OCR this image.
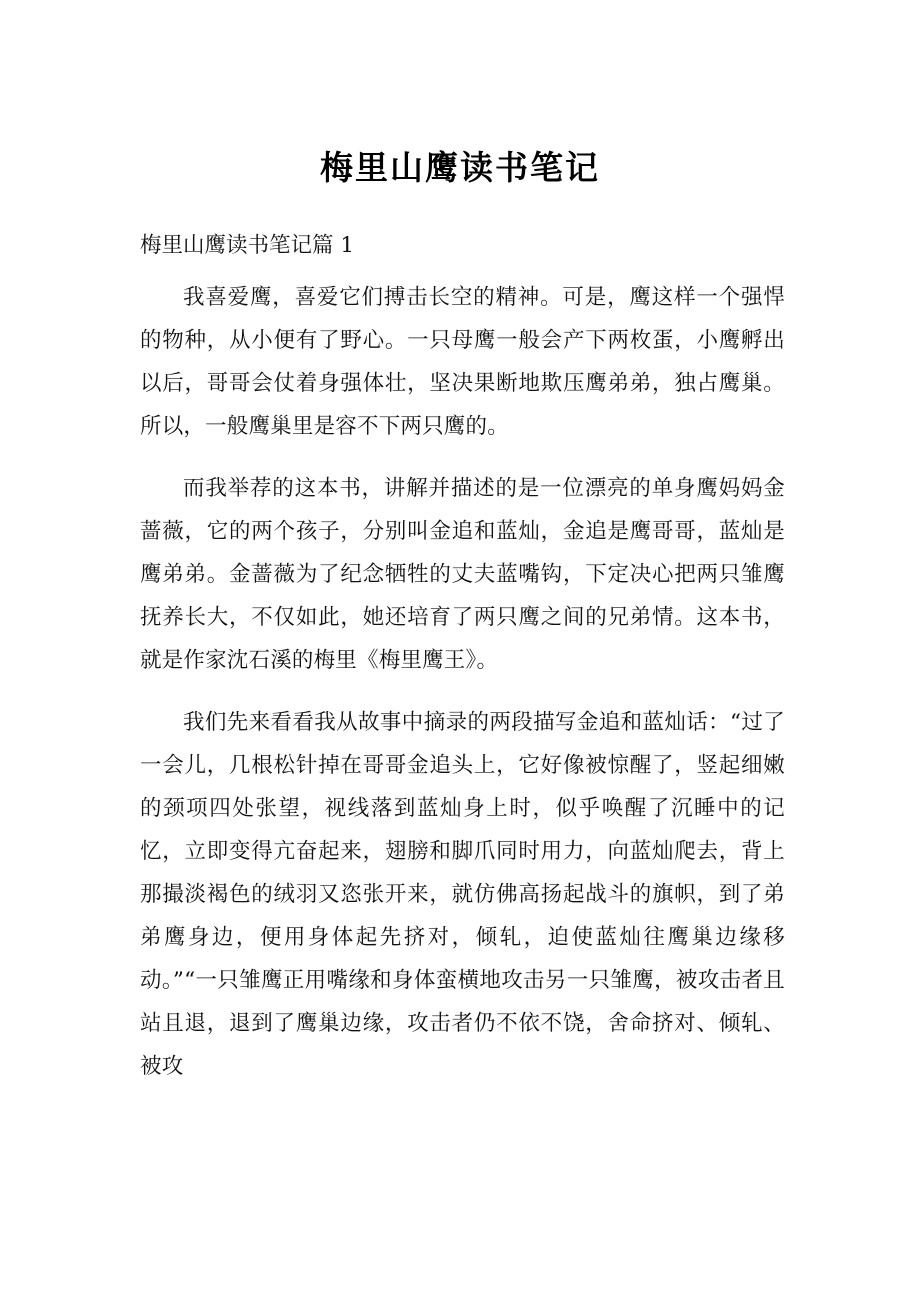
梅里山鹰读书笔记
梅里山鹰读书笔记篇 1

我喜爱鹰，喜爱它们搏击长空的精神。可是，鹰这样一个强悍的物种，从小便有了野心。一只母鹰一般会产下两枚蛋，小鹰孵出以后，哥哥会仗着身强体壮，坚决果断地欺压鹰弟弟，独占鹰巢。所以，一般鹰巢里是容不下两只鹰的。

而我举荐的这本书，讲解并描述的是一位漂亮的单身鹰妈妈金蔷薇，它的两个孩子，分别叫金追和蓝灿，金追是鹰哥哥，蓝灿是鹰弟弟。金蔷薇为了纪念牺牲的丈夫蓝嘴钩，下定决心把两只雏鹰抚养长大，不仅如此，她还培育了两只鹰之间的兄弟情。这本书，就是作家沈石溪的梅里《梅里鹰王》。

我们先来看看我从故事中摘录的两段描写金追和蓝灿话：“过了一会儿，几根松针掉在哥哥金追头上，它好像被惊醒了，竖起细嫩的颈项四处张望，视线落到蓝灿身上时，似乎唤醒了沉睡中的记忆，立即变得亢奋起来，翅膀和脚爪同时用力，向蓝灿爬去，背上那撮淡褐色的绒羽又恣张开来，就仿佛高扬起战斗的旗帜，到了弟弟鹰身边，便用身体起先挤对，倾轧，迫使蓝灿往鹰巢边缘移动。”“一只雏鹰正用嘴缘和身体蛮横地攻击另一只雏鹰，被攻击者且站且退，退到了鹰巢边缘，攻击者仍不依不饶，舍命挤对、倾轧、被攻
